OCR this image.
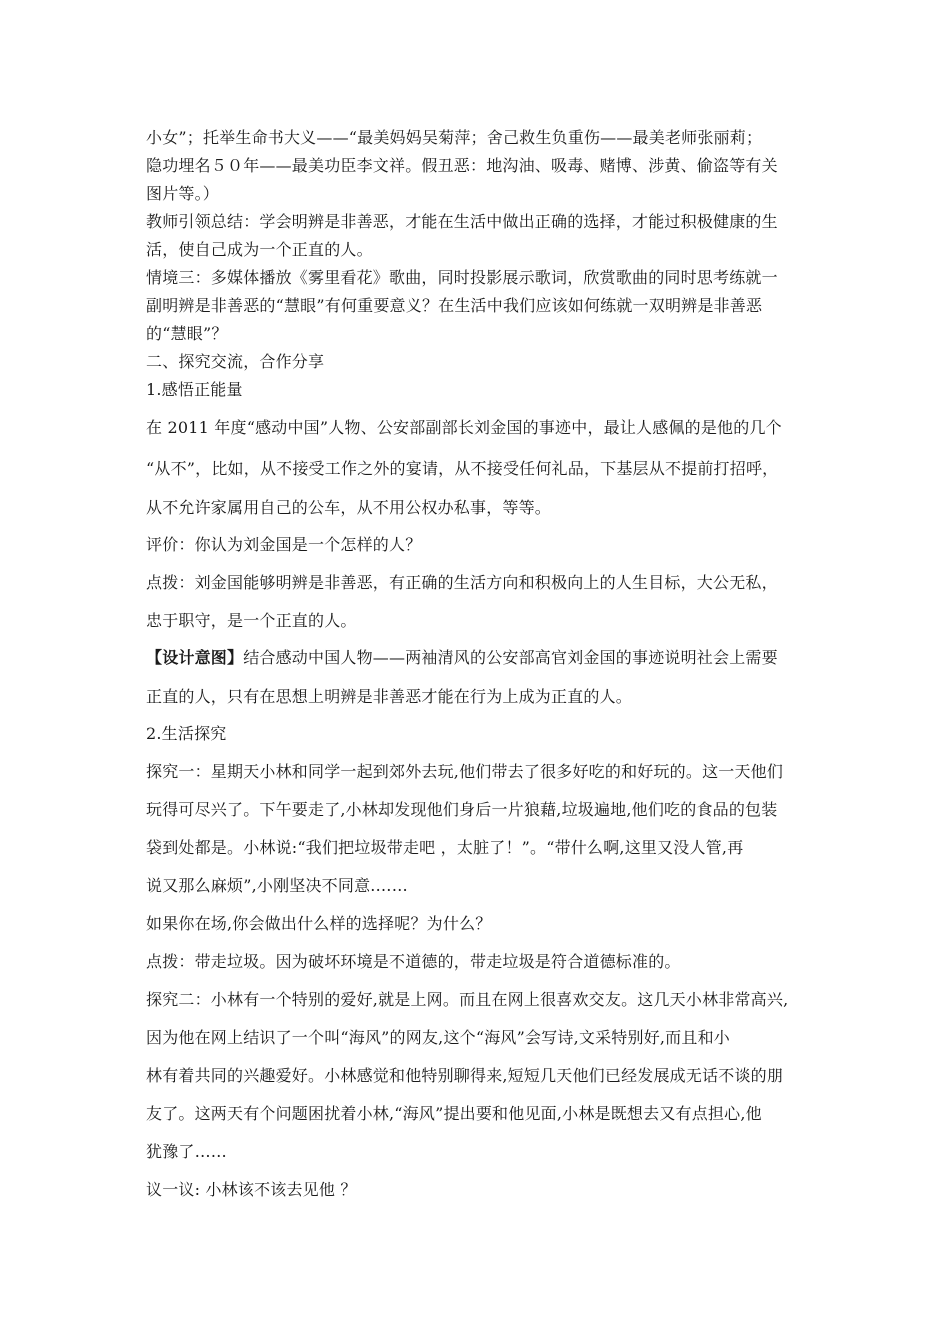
小女”；托举生命书大义——“最美妈妈吴菊萍；舍己救生负重伤——最美老师张丽莉；
隐功埋名５０年——最美功臣李文祥。假丑恶：地沟油、吸毒、赌博、涉黄、偷盗等有关
图片等。）
教师引领总结：学会明辨是非善恶，才能在生活中做出正确的选择，才能过积极健康的生
活，使自己成为一个正直的人。
情境三：多媒体播放《雾里看花》歌曲，同时投影展示歌词，欣赏歌曲的同时思考练就一
副明辨是非善恶的“慧眼”有何重要意义？在生活中我们应该如何练就一双明辨是非善恶
的“慧眼”？
二、探究交流，合作分享
1.感悟正能量
在 2011 年度“感动中国”人物、公安部副部长刘金国的事迹中，最让人感佩的是他的几个
“从不”，比如，从不接受工作之外的宴请，从不接受任何礼品，下基层从不提前打招呼，
从不允许家属用自己的公车，从不用公权办私事，等等。
评价：你认为刘金国是一个怎样的人？
点拨：刘金国能够明辨是非善恶，有正确的生活方向和积极向上的人生目标，大公无私，
忠于职守，是一个正直的人。
【设计意图】结合感动中国人物——两袖清风的公安部高官刘金国的事迹说明社会上需要
正直的人，只有在思想上明辨是非善恶才能在行为上成为正直的人。
2.生活探究
探究一：星期天小林和同学一起到郊外去玩,他们带去了很多好吃的和好玩的。这一天他们
玩得可尽兴了。下午要走了,小林却发现他们身后一片狼藉,垃圾遍地,他们吃的食品的包装
袋到处都是。小林说:“我们把垃圾带走吧 ，太脏了！”。“带什么啊,这里又没人管,再
说又那么麻烦”,小刚坚决不同意.……
如果你在场,你会做出什么样的选择呢？为什么？
点拨：带走垃圾。因为破坏环境是不道德的，带走垃圾是符合道德标准的。
探究二：小林有一个特别的爱好,就是上网。而且在网上很喜欢交友。这几天小林非常高兴,
因为他在网上结识了一个叫“海风”的网友,这个“海风”会写诗,文采特别好,而且和小
林有着共同的兴趣爱好。小林感觉和他特别聊得来,短短几天他们已经发展成无话不谈的朋
友了。这两天有个问题困扰着小林,“海风”提出要和他见面,小林是既想去又有点担心,他
犹豫了……
议一议: 小林该不该去见他 ？
